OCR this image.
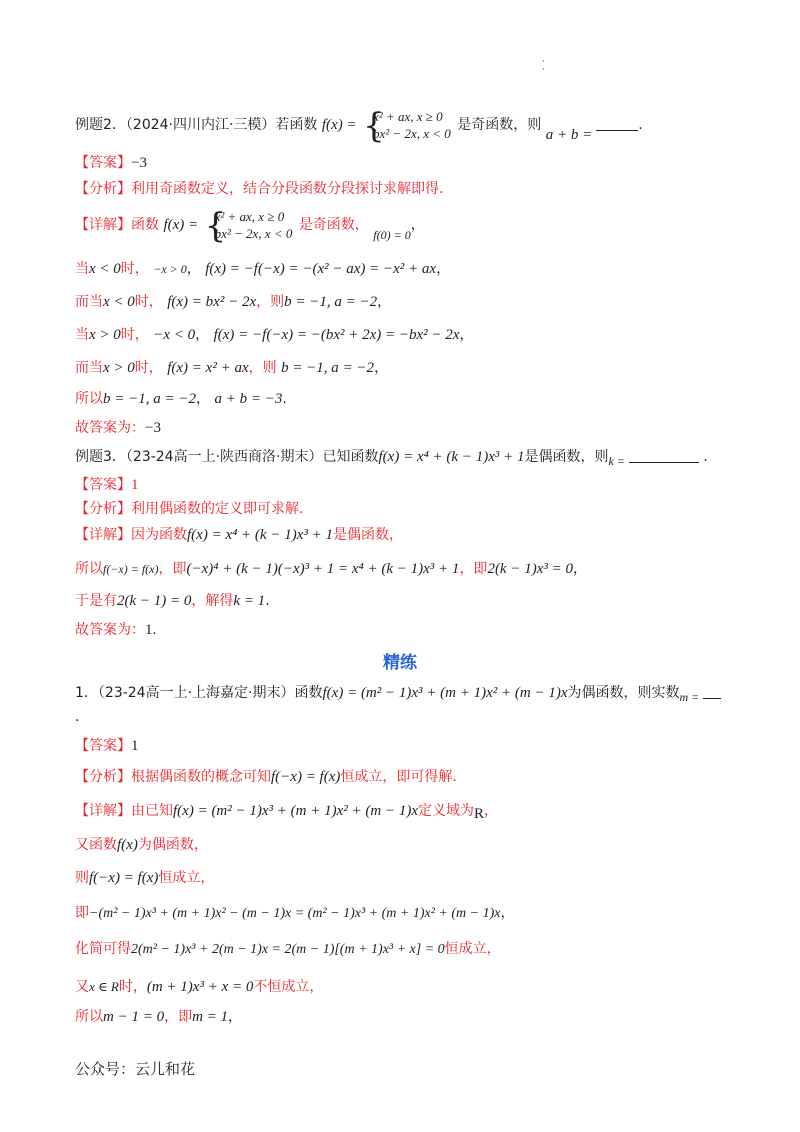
·
·
例题2．（2024·四川内江·三模）若函数 f(x) = {
x² + ax, x ≥ 0
bx² − 2x, x < 0
是奇函数，则 a + b =.
【答案】−3
【分析】利用奇函数定义，结合分段函数分段探讨求解即得.
【详解】函数 f(x) = {
x² + ax, x ≥ 0
bx² − 2x, x < 0
是奇函数， f(0) = 0，
当x < 0时， −x > 0， f(x) = −f(−x) = −(x² − ax) = −x² + ax，
而当x < 0时， f(x) = bx² − 2x，则b = −1, a = −2，
当x > 0时， −x < 0， f(x) = −f(−x) = −(bx² + 2x) = −bx² − 2x，
而当x > 0时， f(x) = x² + ax，则 b = −1, a = −2，
所以b = −1, a = −2， a + b = −3.
故答案为：−3
例题3．（23-24高一上·陕西商洛·期末）已知函数f(x) = x⁴ + (k − 1)x³ + 1是偶函数，则k =	.
【答案】1
【分析】利用偶函数的定义即可求解.
【详解】因为函数f(x) = x⁴ + (k − 1)x³ + 1是偶函数，
所以f(−x) = f(x)，即(−x)⁴ + (k − 1)(−x)³ + 1 = x⁴ + (k − 1)x³ + 1，即2(k − 1)x³ = 0，
于是有2(k − 1) = 0，解得k = 1.
故答案为：1.
精练
1．（23-24高一上·上海嘉定·期末）函数f(x) = (m² − 1)x³ + (m + 1)x² + (m − 1)x为偶函数，则实数m =
.
【答案】1
【分析】根据偶函数的概念可知f(−x) = f(x)恒成立，即可得解.
【详解】由已知f(x) = (m² − 1)x³ + (m + 1)x² + (m − 1)x定义域为R，
又函数f(x)为偶函数，
则f(−x) = f(x)恒成立，
即−(m² − 1)x³ + (m + 1)x² − (m − 1)x = (m² − 1)x³ + (m + 1)x² + (m − 1)x，
化简可得2(m² − 1)x³ + 2(m − 1)x = 2(m − 1)[(m + 1)x³ + x] = 0恒成立，
又x ∈ R时，(m + 1)x³ + x = 0不恒成立，
所以m − 1 = 0，即m = 1，
公众号：云儿和花
